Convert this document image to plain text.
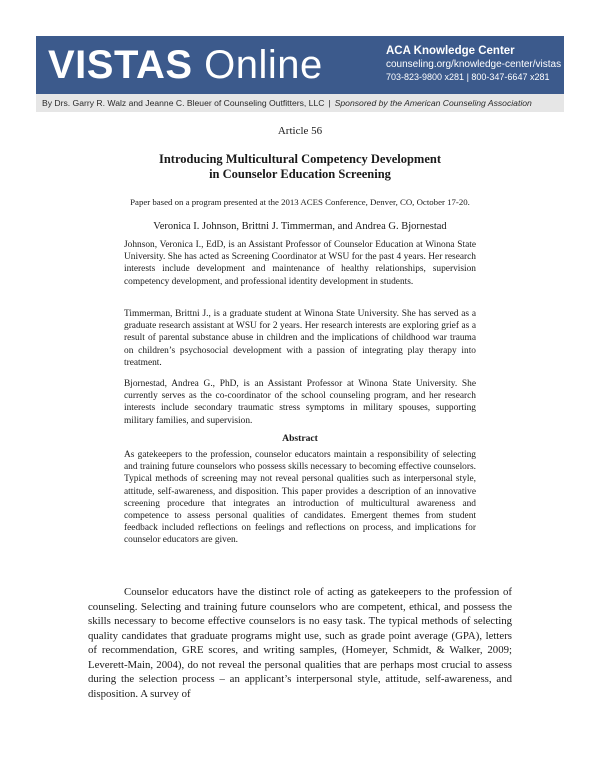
VISTAS Online	ACA Knowledge Center
counseling.org/knowledge-center/vistas
703-823-9800 x281 | 800-347-6647 x281
By Drs. Garry R. Walz and Jeanne C. Bleuer of Counseling Outfitters, LLC | Sponsored by the American Counseling Association
Article 56
Introducing Multicultural Competency Development
in Counselor Education Screening
Paper based on a program presented at the 2013 ACES Conference, Denver, CO, October 17-20.
Veronica I. Johnson, Brittni J. Timmerman, and Andrea G. Bjornestad
Johnson, Veronica I., EdD, is an Assistant Professor of Counselor Education at Winona State University. She has acted as Screening Coordinator at WSU for the past 4 years. Her research interests include development and maintenance of healthy relationships, supervision competency development, and professional identity development in students.
Timmerman, Brittni J., is a graduate student at Winona State University. She has served as a graduate research assistant at WSU for 2 years. Her research interests are exploring grief as a result of parental substance abuse in children and the implications of childhood war trauma on children’s psychosocial development with a passion of integrating play therapy into treatment.
Bjornestad, Andrea G., PhD, is an Assistant Professor at Winona State University. She currently serves as the co-coordinator of the school counseling program, and her research interests include secondary traumatic stress symptoms in military spouses, supporting military families, and supervision.
Abstract
As gatekeepers to the profession, counselor educators maintain a responsibility of selecting and training future counselors who possess skills necessary to becoming effective counselors. Typical methods of screening may not reveal personal qualities such as interpersonal style, attitude, self-awareness, and disposition. This paper provides a description of an innovative screening procedure that integrates an introduction of multicultural awareness and competence to assess personal qualities of candidates. Emergent themes from student feedback included reflections on feelings and reflections on process, and implications for counselor educators are given.
Counselor educators have the distinct role of acting as gatekeepers to the profession of counseling. Selecting and training future counselors who are competent, ethical, and possess the skills necessary to become effective counselors is no easy task. The typical methods of selecting quality candidates that graduate programs might use, such as grade point average (GPA), letters of recommendation, GRE scores, and writing samples, (Homeyer, Schmidt, & Walker, 2009; Leverett-Main, 2004), do not reveal the personal qualities that are perhaps most crucial to assess during the selection process – an applicant’s interpersonal style, attitude, self-awareness, and disposition. A survey of
